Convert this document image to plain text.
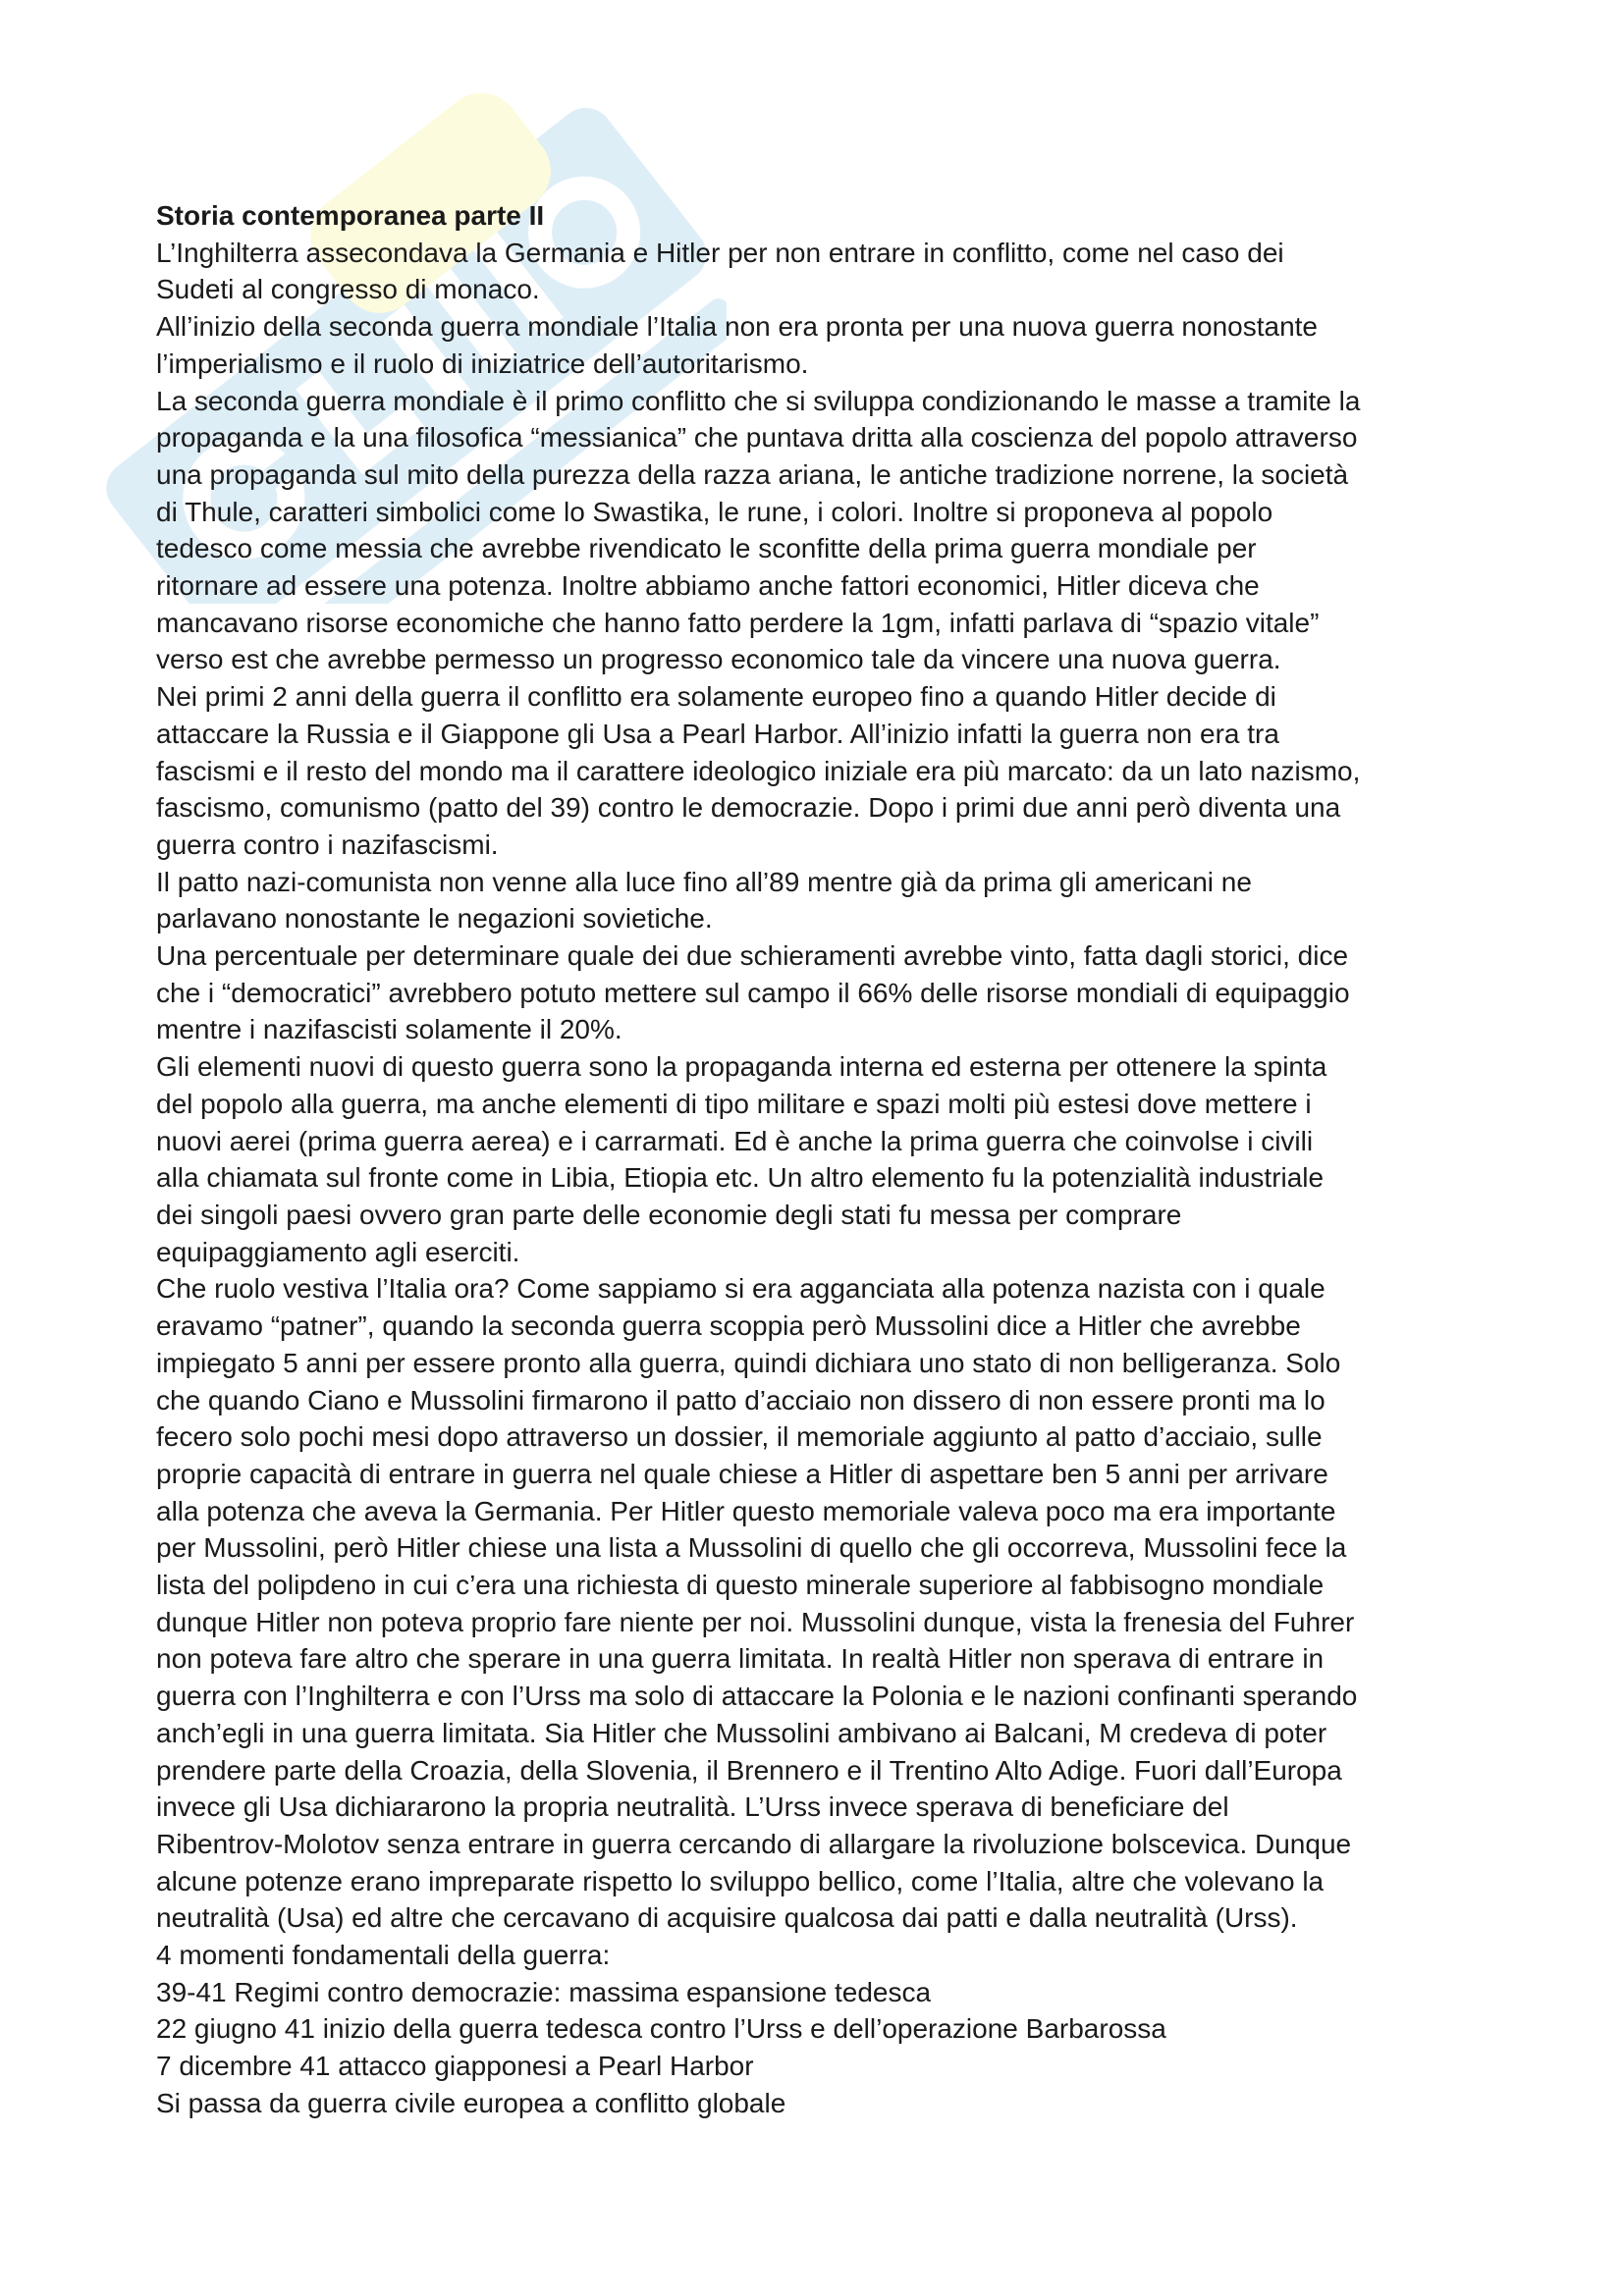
Storia contemporanea parte II

L’Inghilterra assecondava la Germania e Hitler per non entrare in conflitto, come nel caso dei

Sudeti al congresso di monaco.

All’inizio della seconda guerra mondiale l’Italia non era pronta per una nuova guerra nonostante

l’imperialismo e il ruolo di iniziatrice dell’autoritarismo.

La seconda guerra mondiale è il primo conflitto che si sviluppa condizionando le masse a tramite la

propaganda e la una filosofica “messianica” che puntava dritta alla coscienza del popolo attraverso

una propaganda sul mito della purezza della razza ariana, le antiche tradizione norrene, la società

di Thule, caratteri simbolici come lo Swastika, le rune, i colori. Inoltre si proponeva al popolo

tedesco come messia che avrebbe rivendicato le sconfitte della prima guerra mondiale per

ritornare ad essere una potenza. Inoltre abbiamo anche fattori economici, Hitler diceva che

mancavano risorse economiche che hanno fatto perdere la 1gm, infatti parlava di “spazio vitale”

verso est che avrebbe permesso un progresso economico tale da vincere una nuova guerra.

Nei primi 2 anni della guerra il conflitto era solamente europeo fino a quando Hitler decide di

attaccare la Russia e il Giappone gli Usa a Pearl Harbor. All’inizio infatti la guerra non era tra

fascismi e il resto del mondo ma il carattere ideologico iniziale era più marcato: da un lato nazismo,

fascismo, comunismo (patto del 39) contro le democrazie. Dopo i primi due anni però diventa una

guerra contro i nazifascismi.

Il patto nazi-comunista non venne alla luce fino all’89 mentre già da prima gli americani ne

parlavano nonostante le negazioni sovietiche.

Una percentuale per determinare quale dei due schieramenti avrebbe vinto, fatta dagli storici, dice

che i “democratici” avrebbero potuto mettere sul campo il 66% delle risorse mondiali di equipaggio

mentre i nazifascisti solamente il 20%.

Gli elementi nuovi di questo guerra sono la propaganda interna ed esterna per ottenere la spinta

del popolo alla guerra, ma anche elementi di tipo militare e spazi molti più estesi dove mettere i

nuovi aerei (prima guerra aerea) e i carrarmati. Ed è anche la prima guerra che coinvolse i civili

alla chiamata sul fronte come in Libia, Etiopia etc. Un altro elemento fu la potenzialità industriale

dei singoli paesi ovvero gran parte delle economie degli stati fu messa per comprare

equipaggiamento agli eserciti.

Che ruolo vestiva l’Italia ora? Come sappiamo si era agganciata alla potenza nazista con i quale

eravamo “patner”, quando la seconda guerra scoppia però Mussolini dice a Hitler che avrebbe

impiegato 5 anni per essere pronto alla guerra, quindi dichiara uno stato di non belligeranza. Solo

che quando Ciano e Mussolini firmarono il patto d’acciaio non dissero di non essere pronti ma lo

fecero solo pochi mesi dopo attraverso un dossier, il memoriale aggiunto al patto d’acciaio, sulle

proprie capacità di entrare in guerra nel quale chiese a Hitler di aspettare ben 5 anni per arrivare

alla potenza che aveva la Germania. Per Hitler questo memoriale valeva poco ma era importante

per Mussolini, però Hitler chiese una lista a Mussolini di quello che gli occorreva, Mussolini fece la

lista del polipdeno in cui c’era una richiesta di questo minerale superiore al fabbisogno mondiale

dunque Hitler non poteva proprio fare niente per noi. Mussolini dunque, vista la frenesia del Fuhrer

non poteva fare altro che sperare in una guerra limitata. In realtà Hitler non sperava di entrare in

guerra con l’Inghilterra e con l’Urss ma solo di attaccare la Polonia e le nazioni confinanti sperando

anch’egli in una guerra limitata. Sia Hitler che Mussolini ambivano ai Balcani, M credeva di poter

prendere parte della Croazia, della Slovenia, il Brennero e il Trentino Alto Adige. Fuori dall’Europa

invece gli Usa dichiararono la propria neutralità. L’Urss invece sperava di beneficiare del

Ribentrov-Molotov senza entrare in guerra cercando di allargare la rivoluzione bolscevica. Dunque

alcune potenze erano impreparate rispetto lo sviluppo bellico, come l’Italia, altre che volevano la

neutralità (Usa) ed altre che cercavano di acquisire qualcosa dai patti e dalla neutralità (Urss).

4 momenti fondamentali della guerra:

39-41 Regimi contro democrazie: massima espansione tedesca

22 giugno 41 inizio della guerra tedesca contro l’Urss e dell’operazione Barbarossa

7 dicembre 41 attacco giapponesi a Pearl Harbor

Si passa da guerra civile europea a conflitto globale
